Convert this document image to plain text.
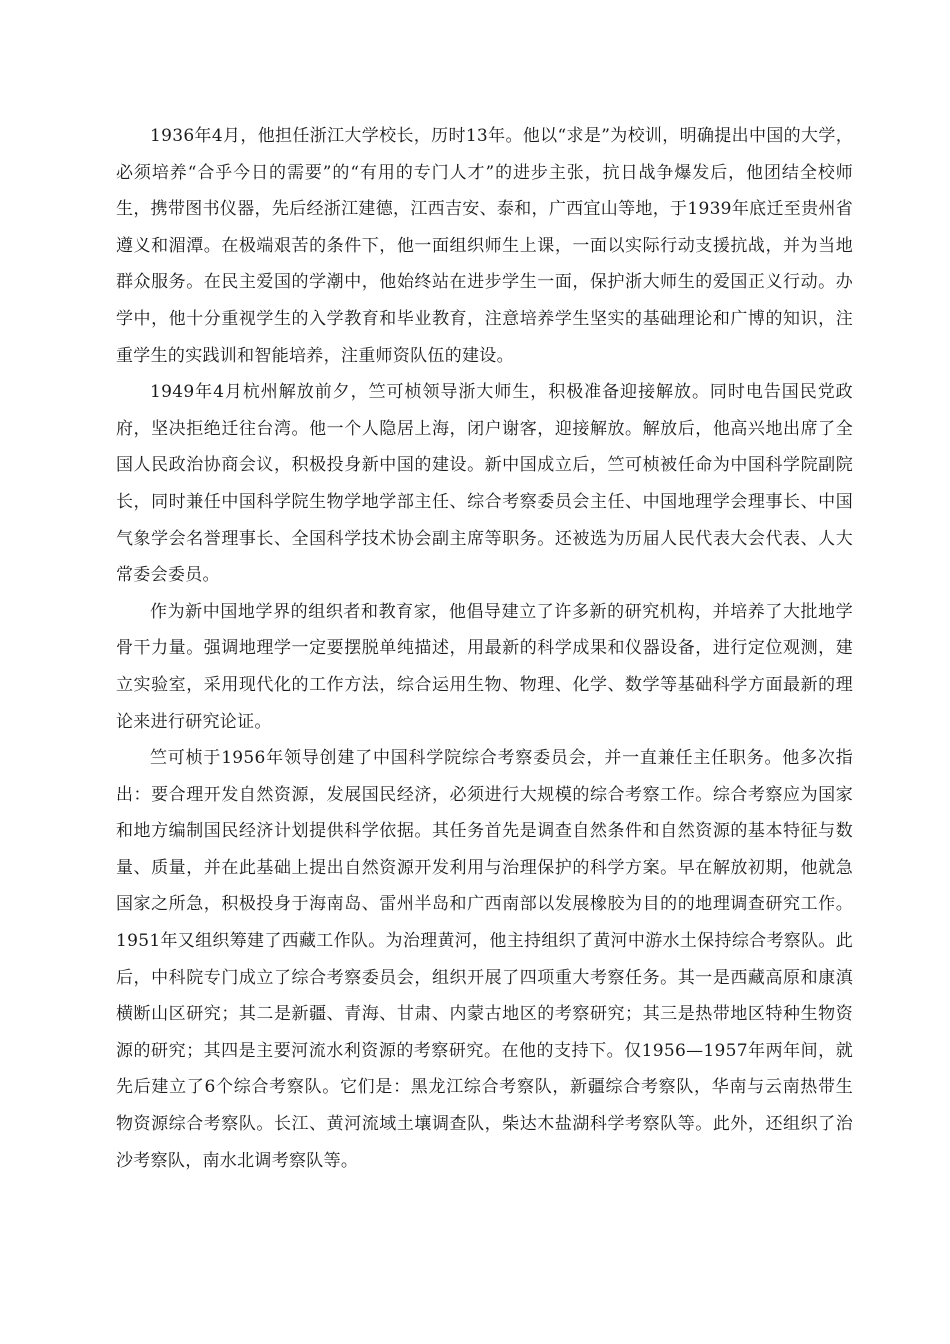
1936年4月，他担任浙江大学校长，历时13年。他以“求是”为校训，明确提出中国的大学，必须培养“合乎今日的需要”的“有用的专门人才”的进步主张，抗日战争爆发后，他团结全校师生，携带图书仪器，先后经浙江建德，江西吉安、泰和，广西宜山等地，于1939年底迁至贵州省遵义和湄潭。在极端艰苦的条件下，他一面组织师生上课，一面以实际行动支援抗战，并为当地群众服务。在民主爱国的学潮中，他始终站在进步学生一面，保护浙大师生的爱国正义行动。办学中，他十分重视学生的入学教育和毕业教育，注意培养学生坚实的基础理论和广博的知识，注重学生的实践训和智能培养，注重师资队伍的建设。

1949年4月杭州解放前夕，竺可桢领导浙大师生，积极准备迎接解放。同时电告国民党政府，坚决拒绝迁往台湾。他一个人隐居上海，闭户谢客，迎接解放。解放后，他高兴地出席了全国人民政治协商会议，积极投身新中国的建设。新中国成立后，竺可桢被任命为中国科学院副院长，同时兼任中国科学院生物学地学部主任、综合考察委员会主任、中国地理学会理事长、中国气象学会名誉理事长、全国科学技术协会副主席等职务。还被选为历届人民代表大会代表、人大常委会委员。

作为新中国地学界的组织者和教育家，他倡导建立了许多新的研究机构，并培养了大批地学骨干力量。强调地理学一定要摆脱单纯描述，用最新的科学成果和仪器设备，进行定位观测，建立实验室，采用现代化的工作方法，综合运用生物、物理、化学、数学等基础科学方面最新的理论来进行研究论证。

竺可桢于1956年领导创建了中国科学院综合考察委员会，并一直兼任主任职务。他多次指出：要合理开发自然资源，发展国民经济，必须进行大规模的综合考察工作。综合考察应为国家和地方编制国民经济计划提供科学依据。其任务首先是调查自然条件和自然资源的基本特征与数量、质量，并在此基础上提出自然资源开发利用与治理保护的科学方案。早在解放初期，他就急国家之所急，积极投身于海南岛、雷州半岛和广西南部以发展橡胶为目的的地理调查研究工作。1951年又组织筹建了西藏工作队。为治理黄河，他主持组织了黄河中游水土保持综合考察队。此后，中科院专门成立了综合考察委员会，组织开展了四项重大考察任务。其一是西藏高原和康滇横断山区研究；其二是新疆、青海、甘肃、内蒙古地区的考察研究；其三是热带地区特种生物资源的研究；其四是主要河流水利资源的考察研究。在他的支持下。仅1956—1957年两年间，就先后建立了6个综合考察队。它们是：黑龙江综合考察队，新疆综合考察队，华南与云南热带生物资源综合考察队。长江、黄河流域土壤调查队，柴达木盐湖科学考察队等。此外，还组织了治沙考察队，南水北调考察队等。
